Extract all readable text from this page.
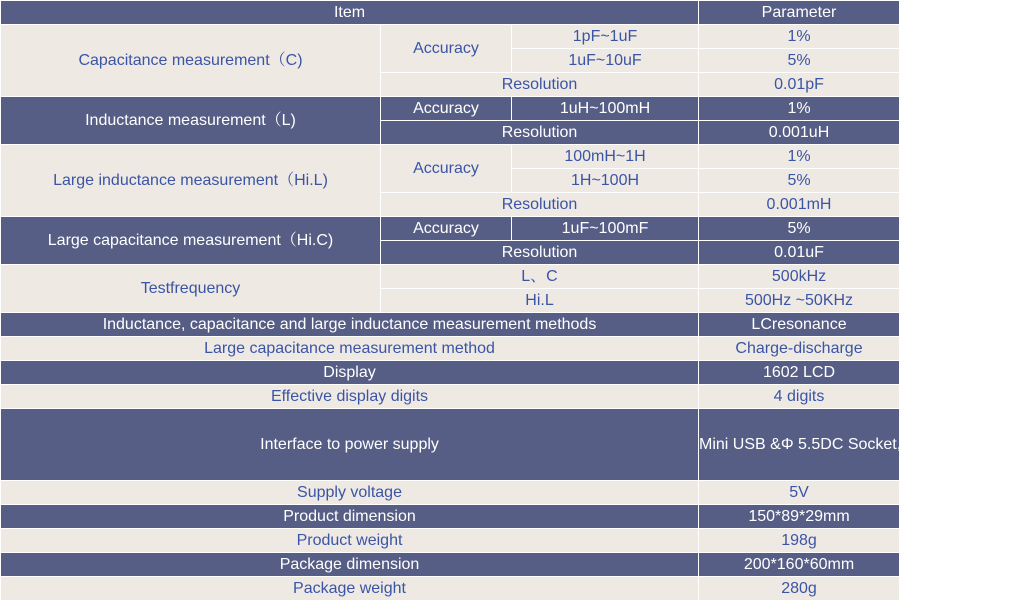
Item			Parameter
Capacitance measurement（C)	Accuracy	1pF~1uF	1%
		1uF~10uF	5%
	Resolution		0.01pF
Inductance measurement（L)	Accuracy	1uH~100mH	1%
	Resolution		0.001uH
Large inductance measurement（Hi.L)	Accuracy	100mH~1H	1%
		1H~100H	5%
	Resolution		0.001mH
Large capacitance measurement（Hi.C)	Accuracy	1uF~100mF	5%
	Resolution		0.01uF
Testfrequency	L、C		500kHz
	Hi.L		500Hz ~50KHz
Inductance, capacitance and large inductance measurement methods			LCresonance
Large capacitance measurement method			Charge-discharge
Display			1602 LCD
Effective display digits			4 digits
Interface to power supply			Mini USB &Φ 5.5DC Socket,4 of AA Batteries
Supply voltage			5V
Product dimension			150*89*29mm
Product weight			198g
Package dimension			200*160*60mm
Package weight			280g
